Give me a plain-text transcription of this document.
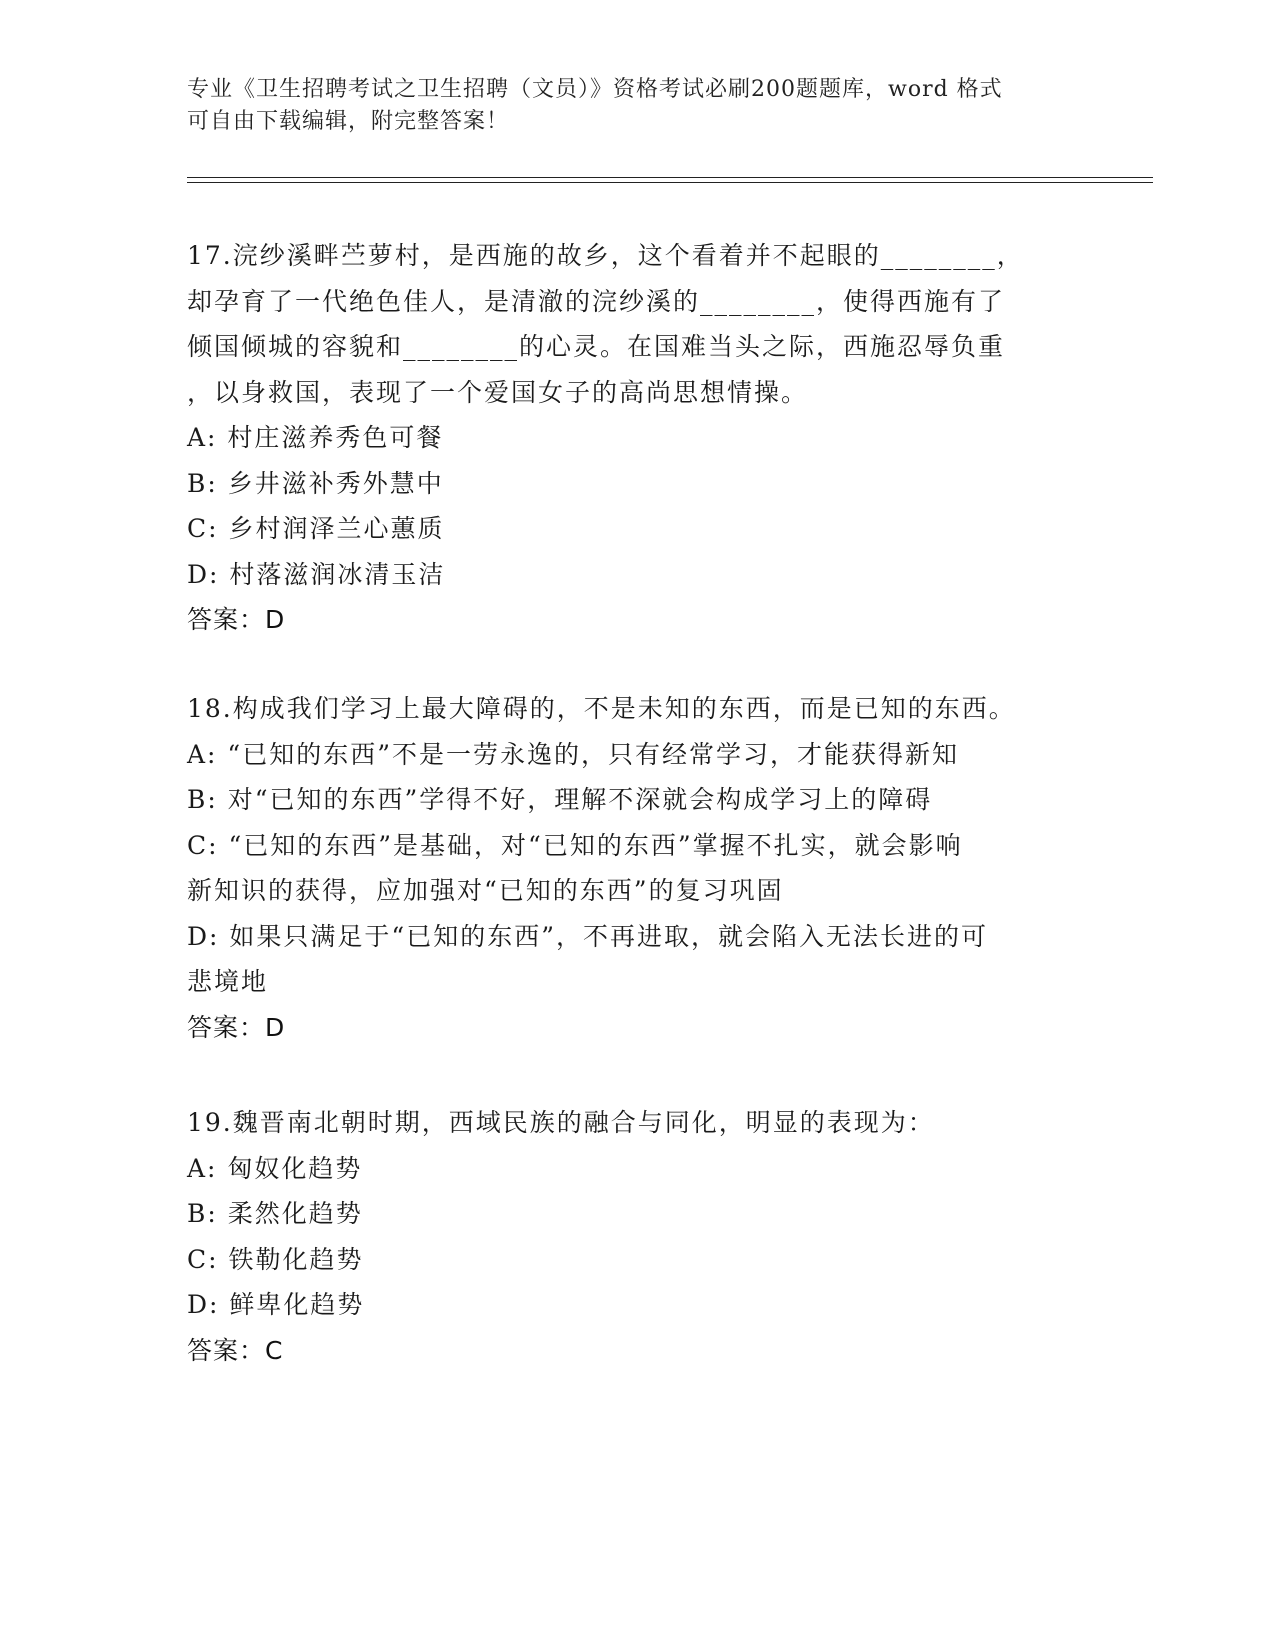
专业《卫生招聘考试之卫生招聘（文员）》资格考试必刷200题题库，word 格式
可自由下载编辑，附完整答案！
17.浣纱溪畔苎萝村，是西施的故乡，这个看着并不起眼的________，
却孕育了一代绝色佳人，是清澈的浣纱溪的________，使得西施有了
倾国倾城的容貌和________的心灵。在国难当头之际，西施忍辱负重
，以身救国，表现了一个爱国女子的高尚思想情操。
A: 村庄滋养秀色可餐
B: 乡井滋补秀外慧中
C: 乡村润泽兰心蕙质
D: 村落滋润冰清玉洁
答案：D
18.构成我们学习上最大障碍的，不是未知的东西，而是已知的东西。
A: “已知的东西”不是一劳永逸的，只有经常学习，才能获得新知
B: 对“已知的东西”学得不好，理解不深就会构成学习上的障碍
C: “已知的东西”是基础，对“已知的东西”掌握不扎实，就会影响
新知识的获得，应加强对“已知的东西”的复习巩固
D: 如果只满足于“已知的东西”，不再进取，就会陷入无法长进的可
悲境地
答案：D
19.魏晋南北朝时期，西域民族的融合与同化，明显的表现为：
A: 匈奴化趋势
B: 柔然化趋势
C: 铁勒化趋势
D: 鲜卑化趋势
答案：C
